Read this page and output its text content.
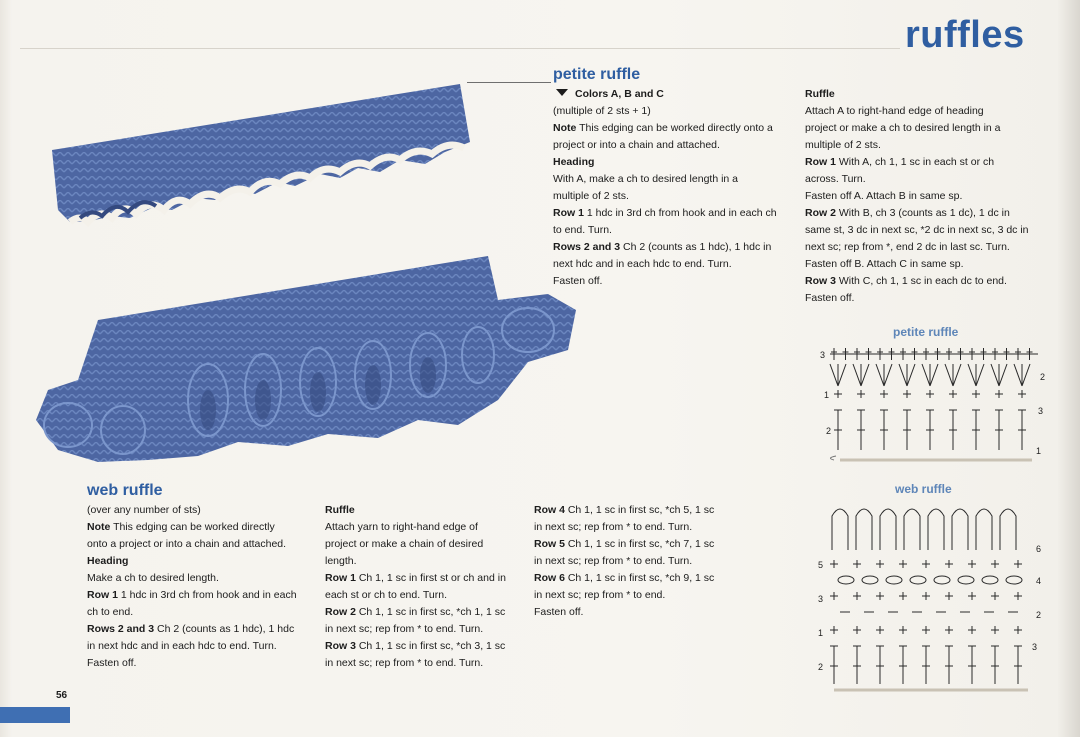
ruffles
petite ruffle
Colors A, B and C
(multiple of 2 sts + 1)
Note This edging can be worked directly onto a
project or into a chain and attached.
Heading
With A, make a ch to desired length in a
multiple of 2 sts.
Row 1 1 hdc in 3rd ch from hook and in each ch
to end. Turn.
Rows 2 and 3 Ch 2 (counts as 1 hdc), 1 hdc in
next hdc and in each hdc to end. Turn.
Fasten off.
Ruffle
Attach A to right-hand edge of heading
project or make a ch to desired length in a
multiple of 2 sts.
Row 1 With A, ch 1, 1 sc in each st or ch
across. Turn.
Fasten off A. Attach B in same sp.
Row 2 With B, ch 3 (counts as 1 dc), 1 dc in
same st, 3 dc in next sc, *2 dc in next sc, 3 dc in
next sc; rep from *, end 2 dc in last sc. Turn.
Fasten off B. Attach C in same sp.
Row 3 With C, ch 1, 1 sc in each dc to end.
Fasten off.
petite ruffle
3
2
1
2
3
1
web ruffle
(over any number of sts)
Note This edging can be worked directly
onto a project or into a chain and attached.
Heading
Make a ch to desired length.
Row 1 1 hdc in 3rd ch from hook and in each
ch to end.
Rows 2 and 3 Ch 2 (counts as 1 hdc), 1 hdc
in next hdc and in each hdc to end. Turn.
Fasten off.
Ruffle
Attach yarn to right-hand edge of
project or make a chain of desired
length.
Row 1 Ch 1, 1 sc in first st or ch and in
each st or ch to end. Turn.
Row 2 Ch 1, 1 sc in first sc, *ch 1, 1 sc
in next sc; rep from * to end. Turn.
Row 3 Ch 1, 1 sc in first sc, *ch 3, 1 sc
in next sc; rep from * to end. Turn.
Row 4 Ch 1, 1 sc in first sc, *ch 5, 1 sc
in next sc; rep from * to end. Turn.
Row 5 Ch 1, 1 sc in first sc, *ch 7, 1 sc
in next sc; rep from * to end. Turn.
Row 6 Ch 1, 1 sc in first sc, *ch 9, 1 sc
in next sc; rep from * to end.
Fasten off.
web ruffle
6
5
4
3
2
1
3
2
56
